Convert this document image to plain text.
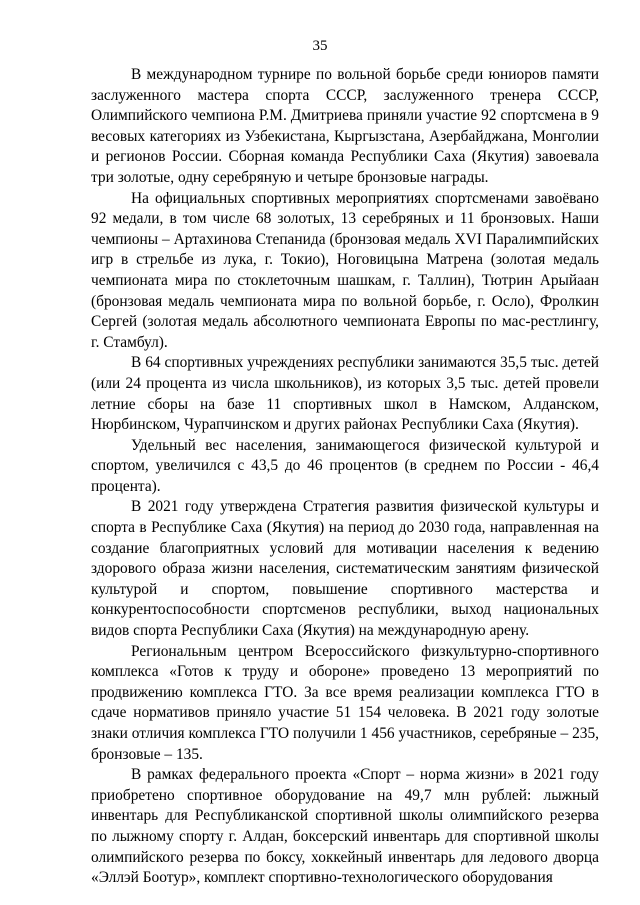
35

В международном турнире по вольной борьбе среди юниоров памяти заслуженного мастера спорта СССР, заслуженного тренера СССР, Олимпийского чемпиона Р.М. Дмитриева приняли участие 92 спортсмена в 9 весовых категориях из Узбекистана, Кыргызстана, Азербайджана, Монголии и регионов России. Сборная команда Республики Саха (Якутия) завоевала три золотые, одну серебряную и четыре бронзовые награды.

На официальных спортивных мероприятиях спортсменами завоёвано 92 медали, в том числе 68 золотых, 13 серебряных и 11 бронзовых. Наши чемпионы – Артахинова Степанида (бронзовая медаль XVI Паралимпийских игр в стрельбе из лука, г. Токио), Ноговицына Матрена (золотая медаль чемпионата мира по стоклеточным шашкам, г. Таллин), Тютрин Арыйаан (бронзовая медаль чемпионата мира по вольной борьбе, г. Осло), Фролкин Сергей (золотая медаль абсолютного чемпионата Европы по мас-рестлингу, г. Стамбул).

В 64 спортивных учреждениях республики занимаются 35,5 тыс. детей (или 24 процента из числа школьников), из которых 3,5 тыс. детей провели летние сборы на базе 11 спортивных школ в Намском, Алданском, Нюрбинском, Чурапчинском и других районах Республики Саха (Якутия).

Удельный вес населения, занимающегося физической культурой и спортом, увеличился с 43,5 до 46 процентов (в среднем по России - 46,4 процента).

В 2021 году утверждена Стратегия развития физической культуры и спорта в Республике Саха (Якутия) на период до 2030 года, направленная на создание благоприятных условий для мотивации населения к ведению здорового образа жизни населения, систематическим занятиям физической культурой и спортом, повышение спортивного мастерства и конкурентоспособности спортсменов республики, выход национальных видов спорта Республики Саха (Якутия) на международную арену.

Региональным центром Всероссийского физкультурно-спортивного комплекса «Готов к труду и обороне» проведено 13 мероприятий по продвижению комплекса ГТО. За все время реализации комплекса ГТО в сдаче нормативов приняло участие 51 154 человека. В 2021 году золотые знаки отличия комплекса ГТО получили 1 456 участников, серебряные – 235, бронзовые – 135.

В рамках федерального проекта «Спорт – норма жизни» в 2021 году приобретено спортивное оборудование на 49,7 млн рублей: лыжный инвентарь для Республиканской спортивной школы олимпийского резерва по лыжному спорту г. Алдан, боксерский инвентарь для спортивной школы олимпийского резерва по боксу, хоккейный инвентарь для ледового дворца «Эллэй Боотур», комплект спортивно-технологического оборудования
